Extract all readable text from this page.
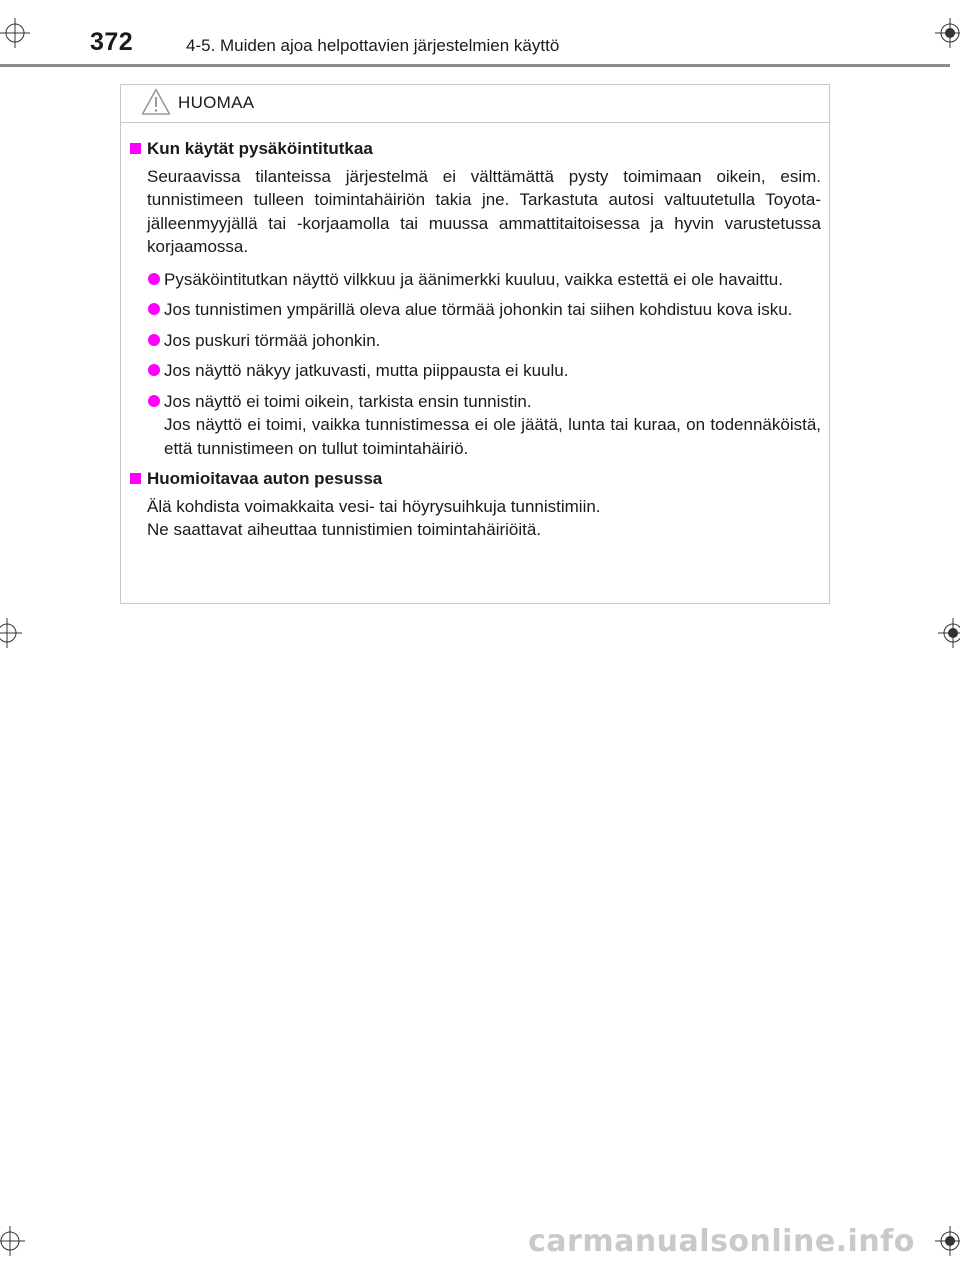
372	4-5. Muiden ajoa helpottavien järjestelmien käyttö
HUOMAA
Kun käytät pysäköintitutkaa
Seuraavissa tilanteissa järjestelmä ei välttämättä pysty toimimaan oikein, esim. tunnistimeen tulleen toimintahäiriön takia jne. Tarkastuta autosi valtuutetulla Toyota-jälleenmyyjällä tai -korjaamolla tai muussa ammattitaitoisessa ja hyvin varustetussa korjaamossa.
Pysäköintitutkan näyttö vilkkuu ja äänimerkki kuuluu, vaikka estettä ei ole havaittu.
Jos tunnistimen ympärillä oleva alue törmää johonkin tai siihen kohdistuu kova isku.
Jos puskuri törmää johonkin.
Jos näyttö näkyy jatkuvasti, mutta piippausta ei kuulu.
Jos näyttö ei toimi oikein, tarkista ensin tunnistin.
Jos näyttö ei toimi, vaikka tunnistimessa ei ole jäätä, lunta tai kuraa, on todennäköistä, että tunnistimeen on tullut toimintahäiriö.
Huomioitavaa auton pesussa
Älä kohdista voimakkaita vesi- tai höyrysuihkuja tunnistimiin.
Ne saattavat aiheuttaa tunnistimien toimintahäiriöitä.
carmanualsonline.info
